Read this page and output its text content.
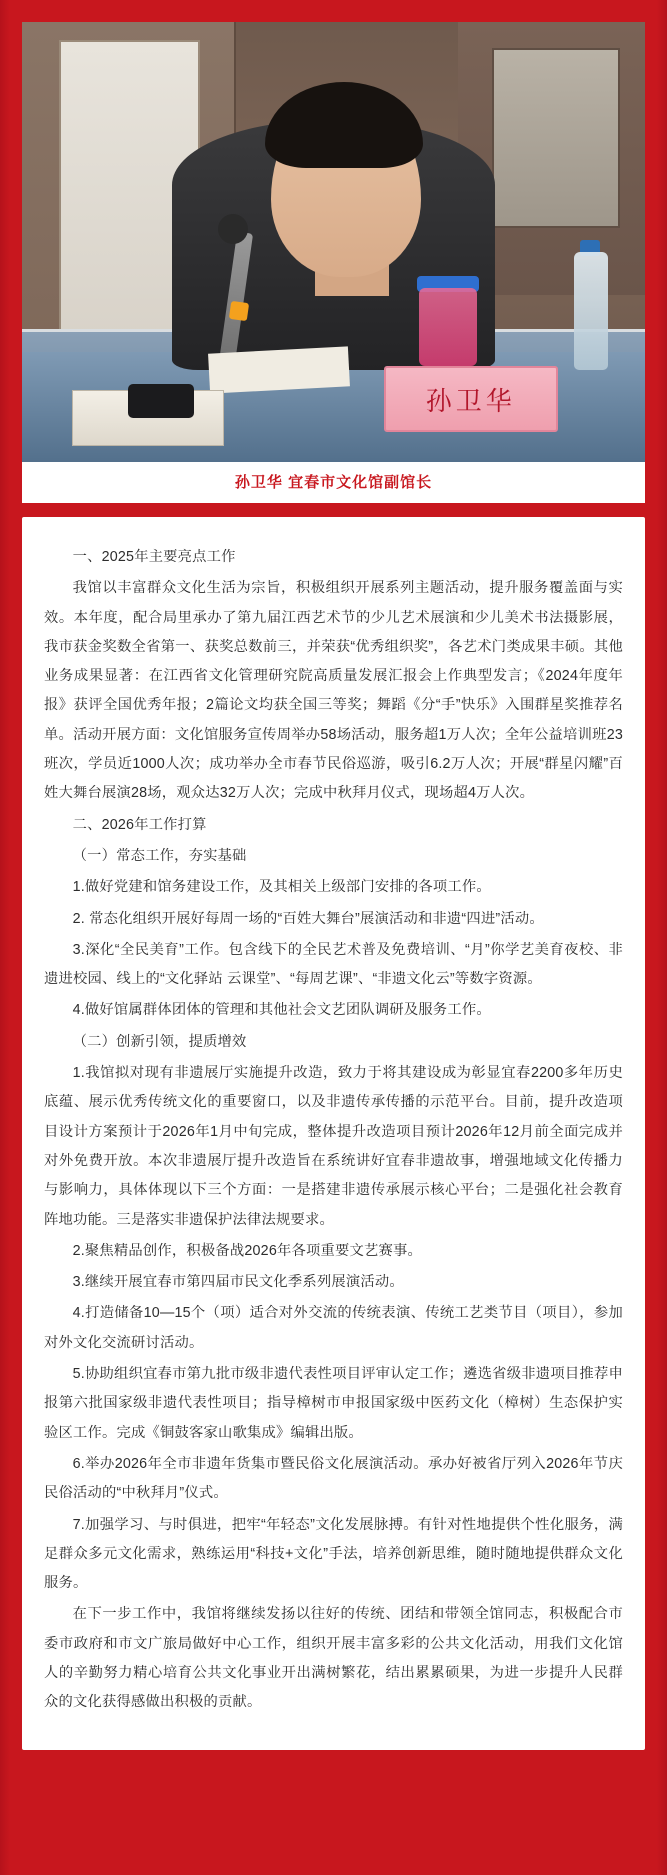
孙卫华
孙卫华 宜春市文化馆副馆长

一、2025年主要亮点工作

我馆以丰富群众文化生活为宗旨，积极组织开展系列主题活动，提升服务覆盖面与实效。本年度，配合局里承办了第九届江西艺术节的少儿艺术展演和少儿美术书法摄影展，我市获金奖数全省第一、获奖总数前三，并荣获“优秀组织奖”，各艺术门类成果丰硕。其他业务成果显著：在江西省文化管理研究院高质量发展汇报会上作典型发言；《2024年度年报》获评全国优秀年报；2篇论文均获全国三等奖；舞蹈《分“手”快乐》入围群星奖推荐名单。活动开展方面：文化馆服务宣传周举办58场活动，服务超1万人次；全年公益培训班23班次，学员近1000人次；成功举办全市春节民俗巡游，吸引6.2万人次；开展“群星闪耀”百姓大舞台展演28场，观众达32万人次；完成中秋拜月仪式，现场超4万人次。

二、2026年工作打算

（一）常态工作，夯实基础

1.做好党建和馆务建设工作，及其相关上级部门安排的各项工作。

2. 常态化组织开展好每周一场的“百姓大舞台”展演活动和非遗“四进”活动。

3.深化“全民美育”工作。包含线下的全民艺术普及免费培训、“月”你学艺美育夜校、非遗进校园、线上的“文化驿站 云课堂”、“每周艺课”、“非遗文化云”等数字资源。

4.做好馆属群体团体的管理和其他社会文艺团队调研及服务工作。

（二）创新引领，提质增效

1.我馆拟对现有非遗展厅实施提升改造，致力于将其建设成为彰显宜春2200多年历史底蕴、展示优秀传统文化的重要窗口，以及非遗传承传播的示范平台。目前，提升改造项目设计方案预计于2026年1月中旬完成，整体提升改造项目预计2026年12月前全面完成并对外免费开放。本次非遗展厅提升改造旨在系统讲好宜春非遗故事，增强地域文化传播力与影响力，具体体现以下三个方面：一是搭建非遗传承展示核心平台；二是强化社会教育阵地功能。三是落实非遗保护法律法规要求。

2.聚焦精品创作，积极备战2026年各项重要文艺赛事。

3.继续开展宜春市第四届市民文化季系列展演活动。

4.打造储备10—15个（项）适合对外交流的传统表演、传统工艺类节目（项目），参加对外文化交流研讨活动。

5.协助组织宜春市第九批市级非遗代表性项目评审认定工作；遴选省级非遗项目推荐申报第六批国家级非遗代表性项目；指导樟树市申报国家级中医药文化（樟树）生态保护实验区工作。完成《铜鼓客家山歌集成》编辑出版。

6.举办2026年全市非遗年货集市暨民俗文化展演活动。承办好被省厅列入2026年节庆民俗活动的“中秋拜月”仪式。

7.加强学习、与时俱进，把牢“年轻态”文化发展脉搏。有针对性地提供个性化服务，满足群众多元文化需求，熟练运用“科技+文化”手法，培养创新思维，随时随地提供群众文化服务。

在下一步工作中，我馆将继续发扬以往好的传统、团结和带领全馆同志，积极配合市委市政府和市文广旅局做好中心工作，组织开展丰富多彩的公共文化活动，用我们文化馆人的辛勤努力精心培育公共文化事业开出满树繁花，结出累累硕果，为进一步提升人民群众的文化获得感做出积极的贡献。
